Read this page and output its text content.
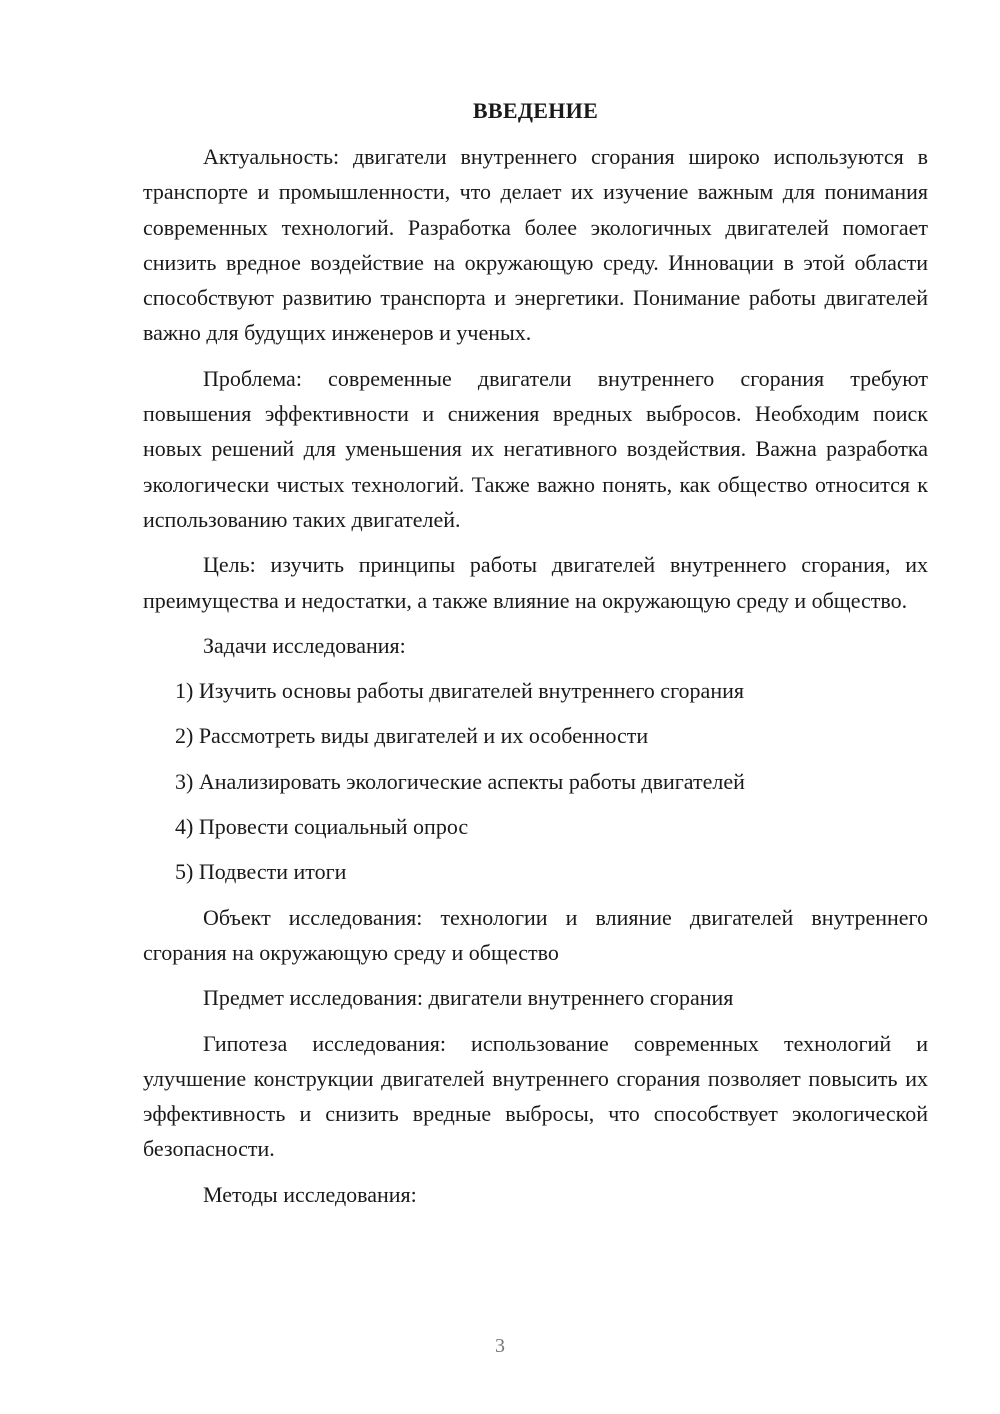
ВВЕДЕНИЕ

Актуальность: двигатели внутреннего сгорания широко используются в транспорте и промышленности, что делает их изучение важным для понимания современных технологий. Разработка более экологичных двигателей помогает снизить вредное воздействие на окружающую среду. Инновации в этой области способствуют развитию транспорта и энергетики. Понимание работы двигателей важно для будущих инженеров и ученых.

Проблема: современные двигатели внутреннего сгорания требуют повышения эффективности и снижения вредных выбросов. Необходим поиск новых решений для уменьшения их негативного воздействия. Важна разработка экологически чистых технологий. Также важно понять, как общество относится к использованию таких двигателей.

Цель: изучить принципы работы двигателей внутреннего сгорания, их преимущества и недостатки, а также влияние на окружающую среду и общество.

Задачи исследования:

1) Изучить основы работы двигателей внутреннего сгорания
2) Рассмотреть виды двигателей и их особенности
3) Анализировать экологические аспекты работы двигателей
4) Провести социальный опрос
5) Подвести итоги

Объект исследования: технологии и влияние двигателей внутреннего сгорания на окружающую среду и общество

Предмет исследования: двигатели внутреннего сгорания

Гипотеза исследования: использование современных технологий и улучшение конструкции двигателей внутреннего сгорания позволяет повысить их эффективность и снизить вредные выбросы, что способствует экологической безопасности.

Методы исследования:

3
